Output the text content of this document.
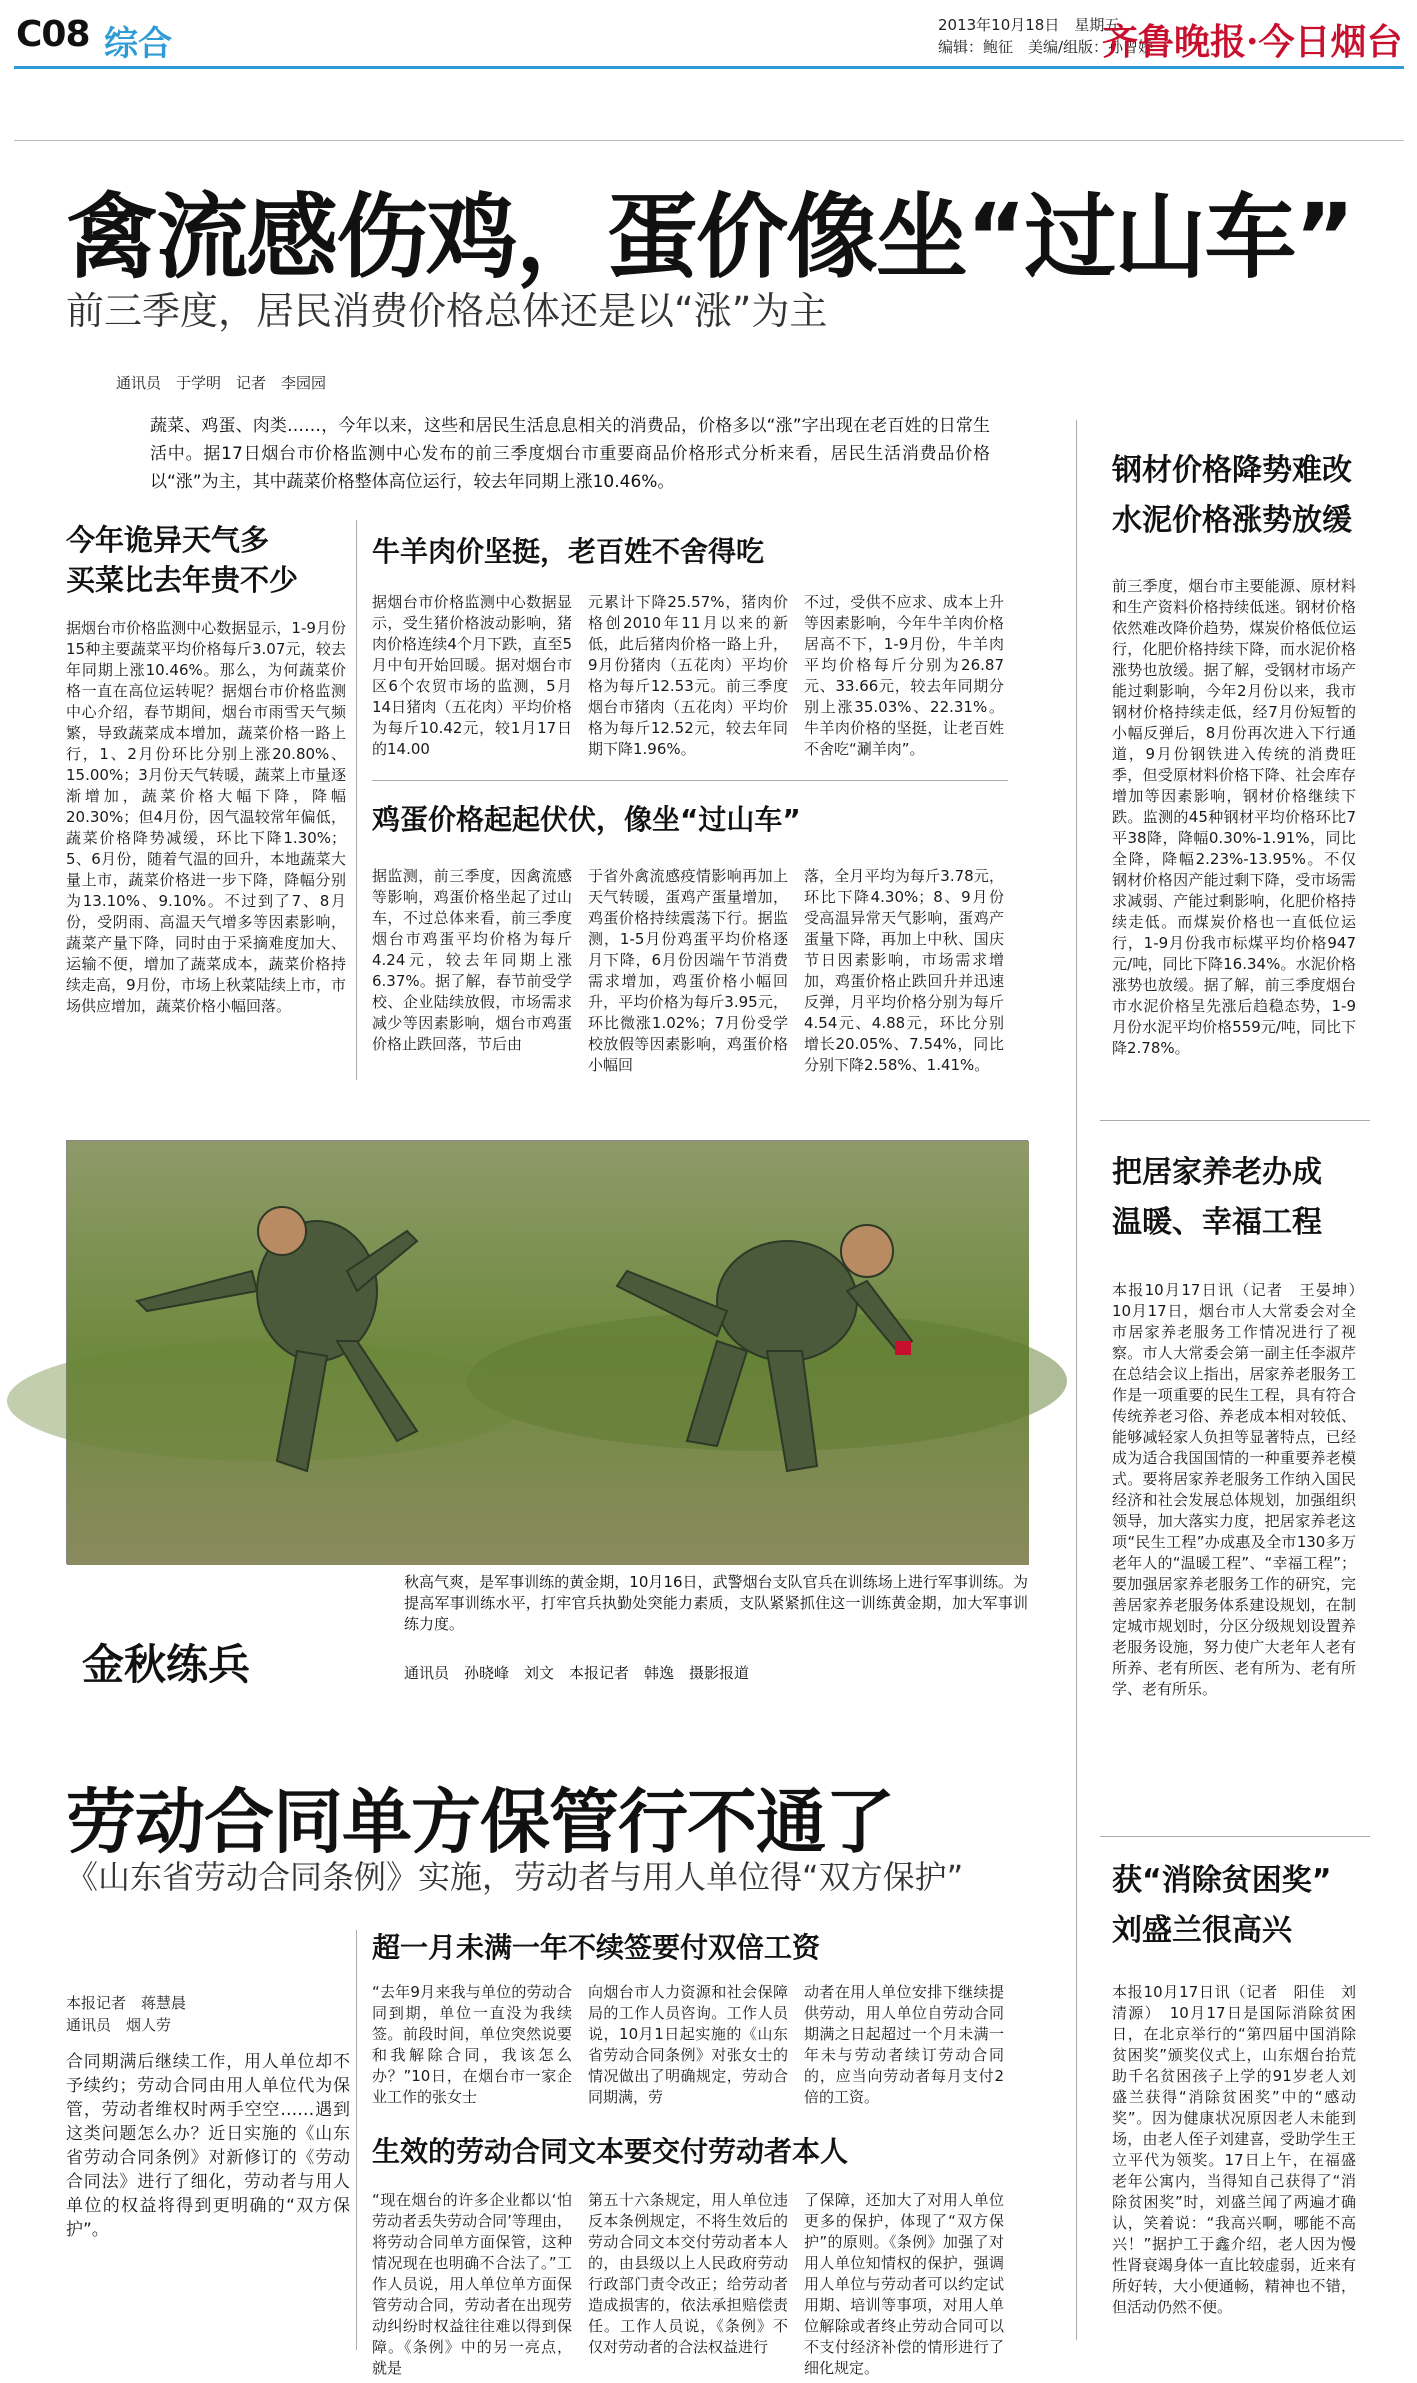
C08 综合	2013年10月18日　星期五
编辑：鲍征　美编/组版：孙曾娇
齐鲁晚报·今日烟台
禽流感伤鸡，蛋价像坐“过山车”
前三季度，居民消费价格总体还是以“涨”为主
通讯员　于学明　记者　李园园
蔬菜、鸡蛋、肉类……，今年以来，这些和居民生活息息相关的消费品，价格多以“涨”字出现在老百姓的日常生活中。据17日烟台市价格监测中心发布的前三季度烟台市重要商品价格形式分析来看，居民生活消费品价格以“涨”为主，其中蔬菜价格整体高位运行，较去年同期上涨10.46%。
今年诡异天气多
买菜比去年贵不少
据烟台市价格监测中心数据显示，1-9月份15种主要蔬菜平均价格每斤3.07元，较去年同期上涨10.46%。那么，为何蔬菜价格一直在高位运转呢？据烟台市价格监测中心介绍，春节期间，烟台市雨雪天气频繁，导致蔬菜成本增加，蔬菜价格一路上行，1、2月份环比分别上涨20.80%、15.00%；3月份天气转暖，蔬菜上市量逐渐增加，蔬菜价格大幅下降，降幅20.30%；但4月份，因气温较常年偏低，蔬菜价格降势减缓，环比下降1.30%；5、6月份，随着气温的回升，本地蔬菜大量上市，蔬菜价格进一步下降，降幅分别为13.10%、9.10%。不过到了7、8月份，受阴雨、高温天气增多等因素影响，蔬菜产量下降，同时由于采摘难度加大、运输不便，增加了蔬菜成本，蔬菜价格持续走高，9月份，市场上秋菜陆续上市，市场供应增加，蔬菜价格小幅回落。
牛羊肉价坚挺，老百姓不舍得吃
据烟台市价格监测中心数据显示，受生猪价格波动影响，猪肉价格连续4个月下跌，直至5月中旬开始回暖。据对烟台市区6个农贸市场的监测，5月14日猪肉（五花肉）平均价格为每斤10.42元，较1月17日的14.00
元累计下降25.57%，猪肉价格创2010年11月以来的新低，此后猪肉价格一路上升，9月份猪肉（五花肉）平均价格为每斤12.53元。前三季度烟台市猪肉（五花肉）平均价格为每斤12.52元，较去年同期下降1.96%。
不过，受供不应求、成本上升等因素影响，今年牛羊肉价格居高不下，1-9月份，牛羊肉平均价格每斤分别为26.87元、33.66元，较去年同期分别上涨35.03%、22.31%。牛羊肉价格的坚挺，让老百姓不舍吃“涮羊肉”。
鸡蛋价格起起伏伏，像坐“过山车”
据监测，前三季度，因禽流感等影响，鸡蛋价格坐起了过山车，不过总体来看，前三季度烟台市鸡蛋平均价格为每斤4.24元，较去年同期上涨6.37%。据了解，春节前受学校、企业陆续放假，市场需求减少等因素影响，烟台市鸡蛋价格止跌回落，节后由
于省外禽流感疫情影响再加上天气转暖，蛋鸡产蛋量增加，鸡蛋价格持续震荡下行。据监测，1-5月份鸡蛋平均价格逐月下降，6月份因端午节消费需求增加，鸡蛋价格小幅回升，平均价格为每斤3.95元，环比微涨1.02%；7月份受学校放假等因素影响，鸡蛋价格小幅回
落，全月平均为每斤3.78元，环比下降4.30%；8、9月份受高温异常天气影响，蛋鸡产蛋量下降，再加上中秋、国庆节日因素影响，市场需求增加，鸡蛋价格止跌回升并迅速反弹，月平均价格分别为每斤4.54元、4.88元，环比分别增长20.05%、7.54%，同比分别下降2.58%、1.41%。
钢材价格降势难改
水泥价格涨势放缓
前三季度，烟台市主要能源、原材料和生产资料价格持续低迷。钢材价格依然难改降价趋势，煤炭价格低位运行，化肥价格持续下降，而水泥价格涨势也放缓。据了解，受钢材市场产能过剩影响，今年2月份以来，我市钢材价格持续走低，经7月份短暂的小幅反弹后，8月份再次进入下行通道，9月份钢铁进入传统的消费旺季，但受原材料价格下降、社会库存增加等因素影响，钢材价格继续下跌。监测的45种钢材平均价格环比7平38降，降幅0.30%-1.91%，同比全降，降幅2.23%-13.95%。不仅钢材价格因产能过剩下降，受市场需求减弱、产能过剩影响，化肥价格持续走低。而煤炭价格也一直低位运行，1-9月份我市标煤平均价格947元/吨，同比下降16.34%。水泥价格涨势也放缓。据了解，前三季度烟台市水泥价格呈先涨后趋稳态势，1-9月份水泥平均价格559元/吨，同比下降2.78%。
把居家养老办成
温暖、幸福工程
本报10月17日讯（记者　王晏坤）　10月17日，烟台市人大常委会对全市居家养老服务工作情况进行了视察。市人大常委会第一副主任李淑芹在总结会议上指出，居家养老服务工作是一项重要的民生工程，具有符合传统养老习俗、养老成本相对较低、能够减轻家人负担等显著特点，已经成为适合我国国情的一种重要养老模式。要将居家养老服务工作纳入国民经济和社会发展总体规划，加强组织领导，加大落实力度，把居家养老这项“民生工程”办成惠及全市130多万老年人的“温暖工程”、“幸福工程”；要加强居家养老服务工作的研究，完善居家养老服务体系建设规划，在制定城市规划时，分区分级规划设置养老服务设施，努力使广大老年人老有所养、老有所医、老有所为、老有所学、老有所乐。
获“消除贫困奖”
刘盛兰很高兴
本报10月17日讯（记者　阳佳　刘清源）　10月17日是国际消除贫困日，在北京举行的“第四届中国消除贫困奖”颁奖仪式上，山东烟台抬荒助千名贫困孩子上学的91岁老人刘盛兰获得“消除贫困奖”中的“感动奖”。因为健康状况原因老人未能到场，由老人侄子刘建喜，受助学生王立平代为领奖。17日上午，在福盛老年公寓内，当得知自己获得了“消除贫困奖”时，刘盛兰闻了两遍才确认，笑着说：“我高兴啊，哪能不高兴！”据护工于鑫介绍，老人因为慢性肾衰竭身体一直比较虚弱，近来有所好转，大小便通畅，精神也不错，但活动仍然不便。
金秋练兵
秋高气爽，是军事训练的黄金期，10月16日，武警烟台支队官兵在训练场上进行军事训练。为提高军事训练水平，打牢官兵执勤处突能力素质，支队紧紧抓住这一训练黄金期，加大军事训练力度。
通讯员　孙晓峰　刘文　本报记者　韩逸　摄影报道
劳动合同单方保管行不通了
《山东省劳动合同条例》实施，劳动者与用人单位得“双方保护”
本报记者　蒋慧晨
通讯员　烟人劳
合同期满后继续工作，用人单位却不予续约；劳动合同由用人单位代为保管，劳动者维权时两手空空……遇到这类问题怎么办？近日实施的《山东省劳动合同条例》对新修订的《劳动合同法》进行了细化，劳动者与用人单位的权益将得到更明确的“双方保护”。
超一月未满一年不续签要付双倍工资
“去年9月来我与单位的劳动合同到期，单位一直没为我续签。前段时间，单位突然说要和我解除合同，我该怎么办？”10日，在烟台市一家企业工作的张女士
向烟台市人力资源和社会保障局的工作人员咨询。工作人员说，10月1日起实施的《山东省劳动合同条例》对张女士的情况做出了明确规定，劳动合同期满，劳
动者在用人单位安排下继续提供劳动，用人单位自劳动合同期满之日起超过一个月未满一年未与劳动者续订劳动合同的，应当向劳动者每月支付2倍的工资。
生效的劳动合同文本要交付劳动者本人
“现在烟台的许多企业都以‘怕劳动者丢失劳动合同’等理由，将劳动合同单方面保管，这种情况现在也明确不合法了。”工作人员说，用人单位单方面保管劳动合同，劳动者在出现劳动纠纷时权益往往难以得到保障。《条例》中的另一亮点，就是
第五十六条规定，用人单位违反本条例规定，不将生效后的劳动合同文本交付劳动者本人的，由县级以上人民政府劳动行政部门责令改正；给劳动者造成损害的，依法承担赔偿责任。工作人员说，《条例》不仅对劳动者的合法权益进行
了保障，还加大了对用人单位更多的保护，体现了“双方保护”的原则。《条例》加强了对用人单位知情权的保护，强调用人单位与劳动者可以约定试用期、培训等事项，对用人单位解除或者终止劳动合同可以不支付经济补偿的情形进行了细化规定。
